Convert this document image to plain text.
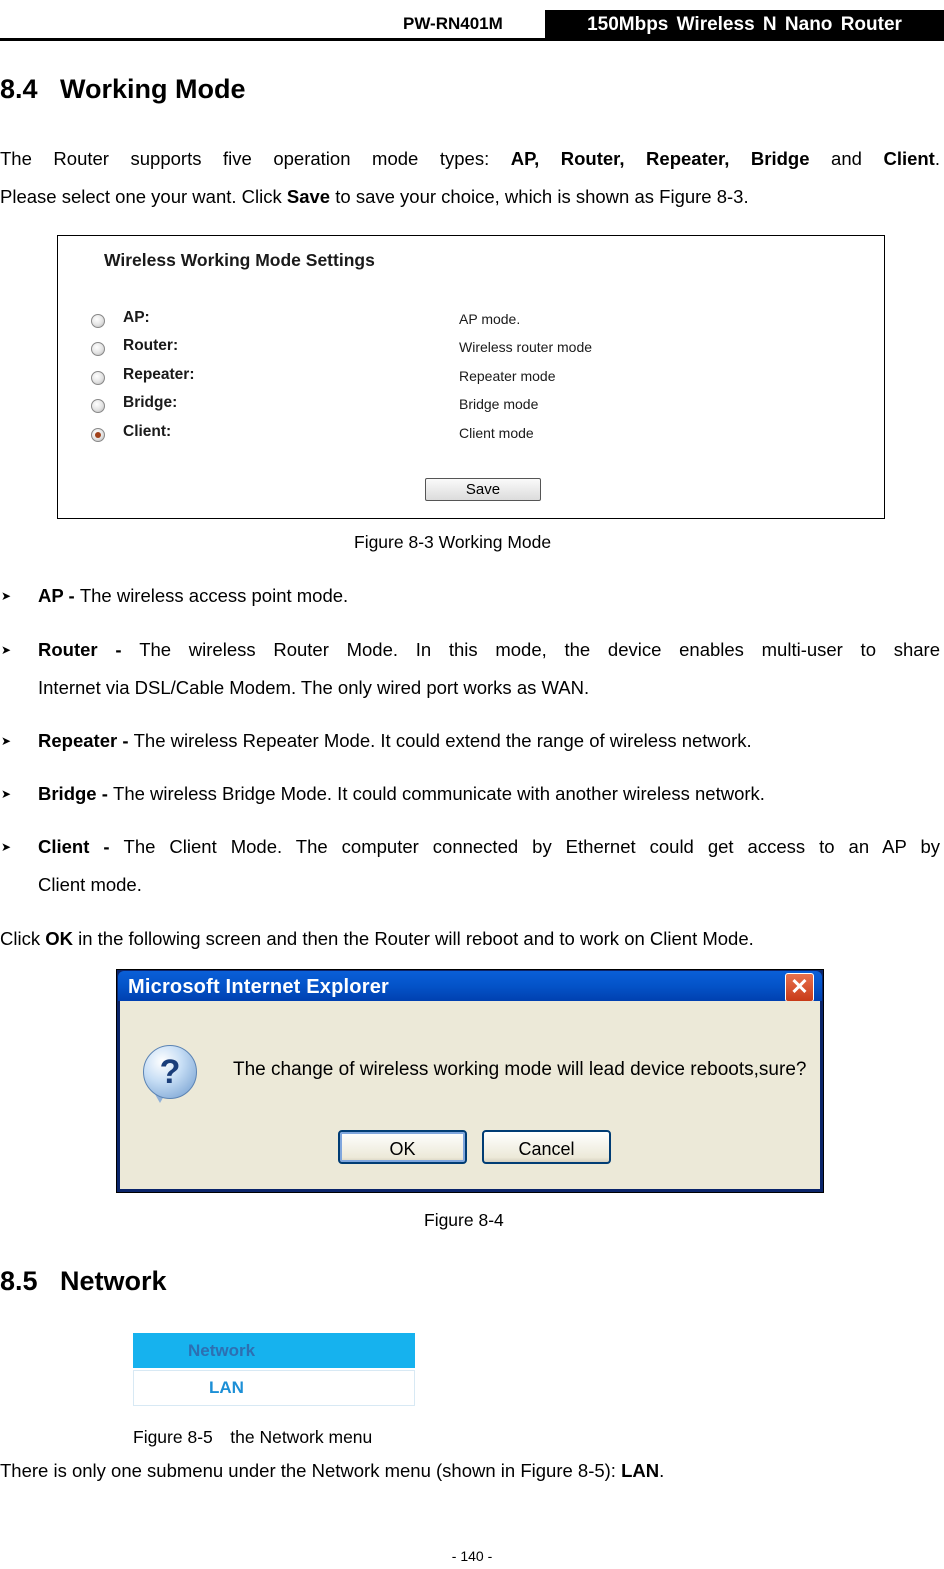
PW-RN401M	150Mbps Wireless N Nano Router
8.4 Working Mode
The Router supports five operation mode types: AP, Router, Repeater, Bridge and Client.
Please select one your want. Click Save to save your choice, which is shown as Figure 8-3.
Wireless Working Mode Settings
AP:	AP mode.
Router:	Wireless router mode
Repeater:	Repeater mode
Bridge:	Bridge mode
Client:	Client mode
Save
Figure 8-3 Working Mode
➤ AP - The wireless access point mode.
➤ Router - The wireless Router Mode. In this mode, the device enables multi-user to share
Internet via DSL/Cable Modem. The only wired port works as WAN.
➤ Repeater - The wireless Repeater Mode. It could extend the range of wireless network.
➤ Bridge - The wireless Bridge Mode. It could communicate with another wireless network.
➤ Client - The Client Mode. The computer connected by Ethernet could get access to an AP by
Client mode.
Click OK in the following screen and then the Router will reboot and to work on Client Mode.
Microsoft Internet Explorer	✕
?	The change of wireless working mode will lead device reboots,sure?
OK	Cancel
Figure 8-4
8.5 Network
Network
LAN
Figure 8-5　the Network menu
There is only one submenu under the Network menu (shown in Figure 8-5): LAN.
- 140 -
